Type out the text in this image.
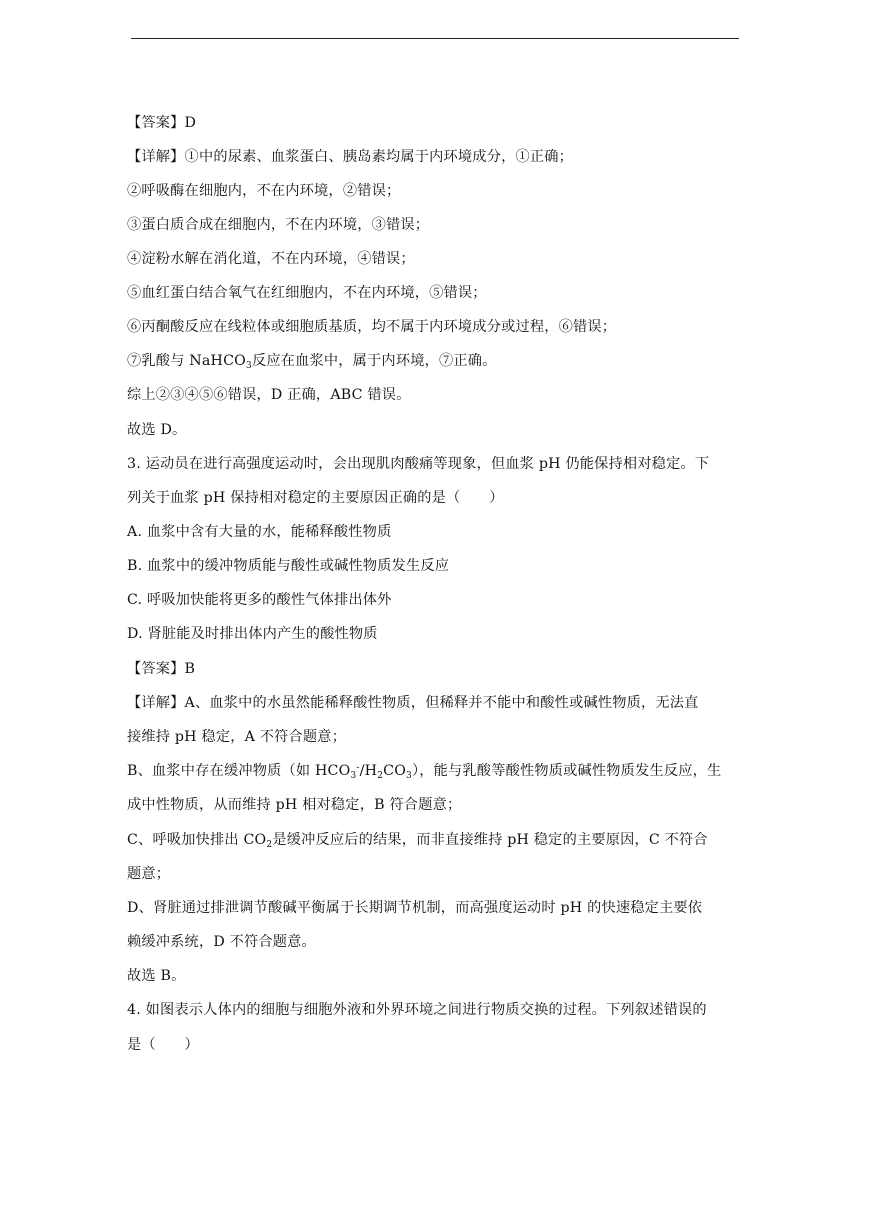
【答案】D
【详解】①中的尿素、血浆蛋白、胰岛素均属于内环境成分，①正确；
②呼吸酶在细胞内，不在内环境，②错误；
③蛋白质合成在细胞内，不在内环境，③错误；
④淀粉水解在消化道，不在内环境，④错误；
⑤血红蛋白结合氧气在红细胞内，不在内环境，⑤错误；
⑥丙酮酸反应在线粒体或细胞质基质，均不属于内环境成分或过程，⑥错误；
⑦乳酸与 NaHCO$_3$反应在血浆中，属于内环境，⑦正确。
综上②③④⑤⑥错误，D 正确，ABC 错误。
故选 D。
3. 运动员在进行高强度运动时，会出现肌肉酸痛等现象，但血浆 pH 仍能保持相对稳定。下
列关于血浆 pH 保持相对稳定的主要原因正确的是（　　）
A. 血浆中含有大量的水，能稀释酸性物质
B. 血浆中的缓冲物质能与酸性或碱性物质发生反应
C. 呼吸加快能将更多的酸性气体排出体外
D. 肾脏能及时排出体内产生的酸性物质
【答案】B
【详解】A、血浆中的水虽然能稀释酸性物质，但稀释并不能中和酸性或碱性物质，无法直
接维持 pH 稳定，A 不符合题意；
B、血浆中存在缓冲物质（如 $HCO_3^-/H_2CO_3$），能与乳酸等酸性物质或碱性物质发生反应，生
成中性物质，从而维持 pH 相对稳定，B 符合题意；
C、呼吸加快排出 $CO_2$是缓冲反应后的结果，而非直接维持 pH 稳定的主要原因，C 不符合
题意；
D、肾脏通过排泄调节酸碱平衡属于长期调节机制，而高强度运动时 pH 的快速稳定主要依
赖缓冲系统，D 不符合题意。
故选 B。
4. 如图表示人体内的细胞与细胞外液和外界环境之间进行物质交换的过程。下列叙述错误的
是（　　）
